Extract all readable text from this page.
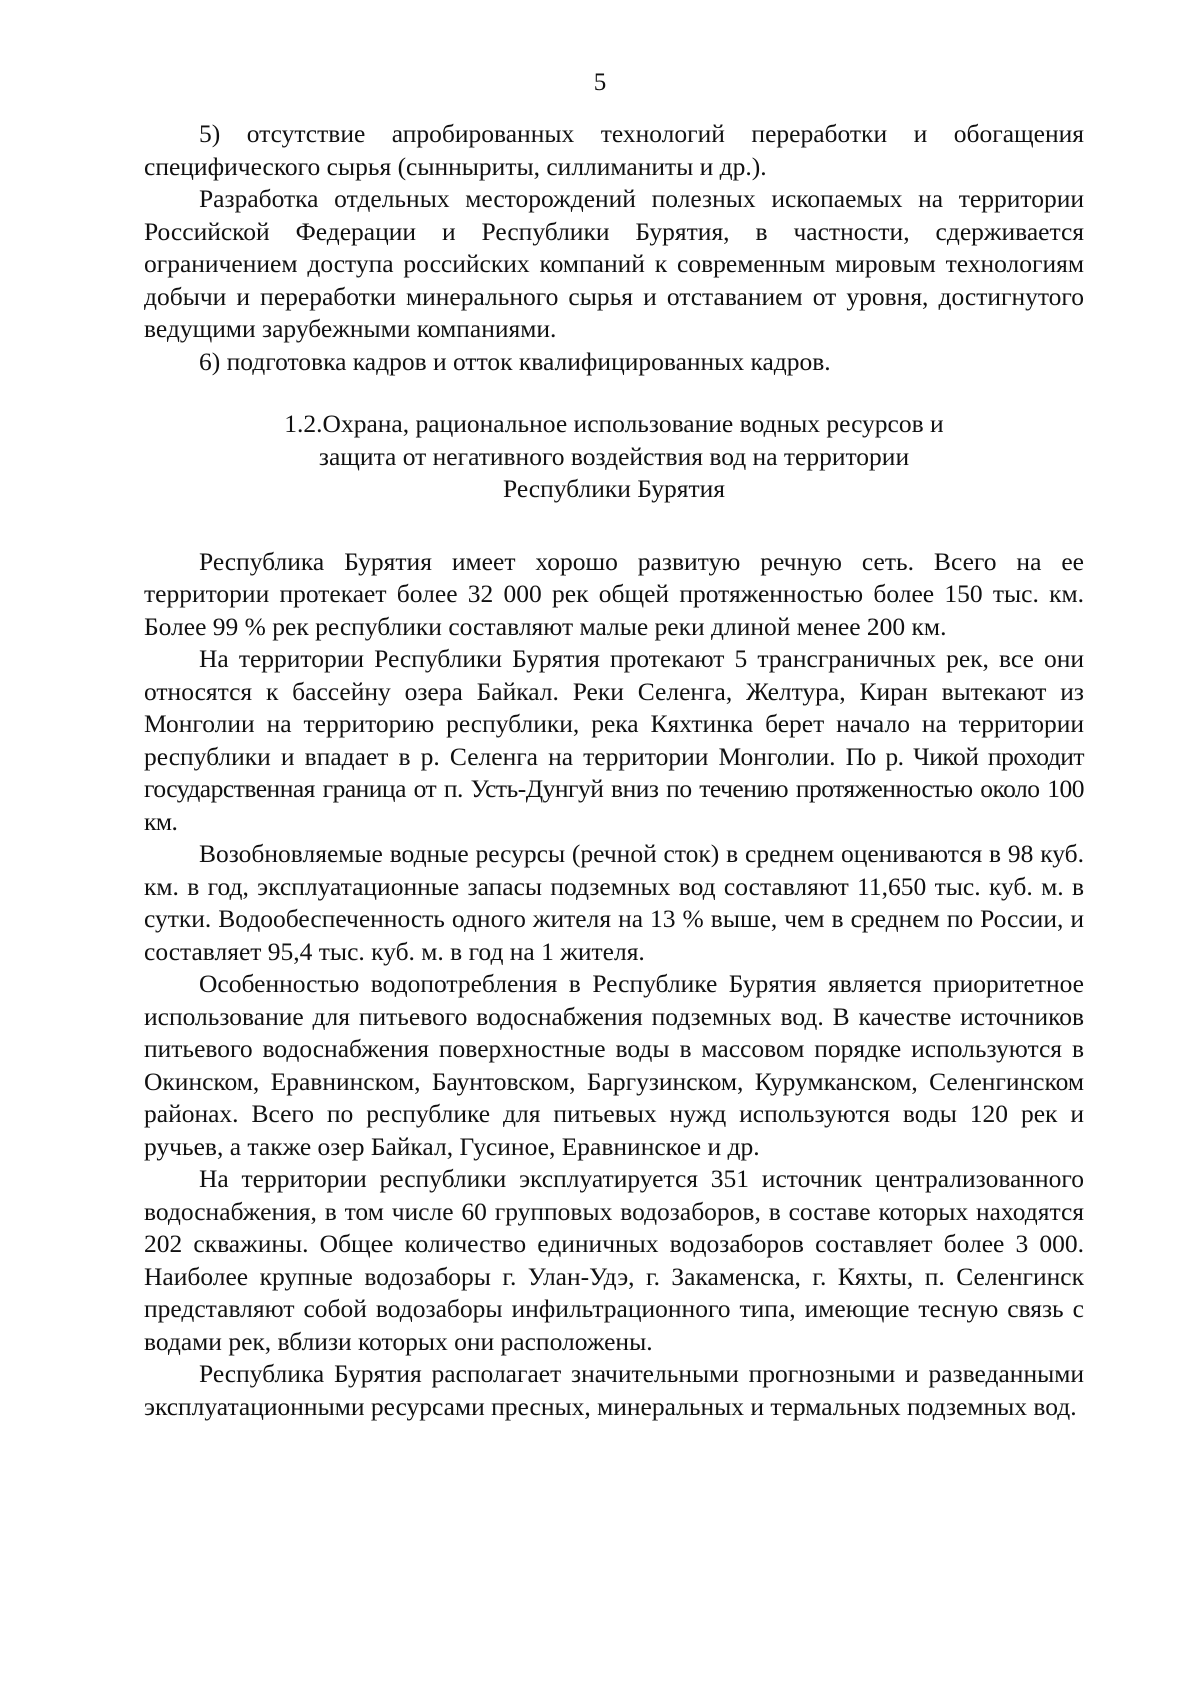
5

5) отсутствие апробированных технологий переработки и обогащения специфического сырья (сынныриты, силлиманиты и др.).

Разработка отдельных месторождений полезных ископаемых на территории Российской Федерации и Республики Бурятия, в частности, сдерживается ограничением доступа российских компаний к современным мировым технологиям добычи и переработки минерального сырья и отставанием от уровня, достигнутого ведущими зарубежными компаниями.

6) подготовка кадров и отток квалифицированных кадров.

1.2.Охрана, рациональное использование водных ресурсов и
защита от негативного воздействия вод на территории
Республики Бурятия

Республика Бурятия имеет хорошо развитую речную сеть. Всего на ее территории протекает более 32 000 рек общей протяженностью более 150 тыс. км. Более 99 % рек республики составляют малые реки длиной менее 200 км.

На территории Республики Бурятия протекают 5 трансграничных рек, все они относятся к бассейну озера Байкал. Реки Селенга, Желтура, Киран вытекают из Монголии на территорию республики, река Кяхтинка берет начало на территории республики и впадает в р. Селенга на территории Монголии. По р. Чикой проходит государственная граница от п. Усть-Дунгуй вниз по течению протяженностью около 100 км.

Возобновляемые водные ресурсы (речной сток) в среднем оцениваются в 98 куб. км. в год, эксплуатационные запасы подземных вод составляют 11,650 тыс. куб. м. в сутки. Водообеспеченность одного жителя на 13 % выше, чем в среднем по России, и составляет 95,4 тыс. куб. м. в год на 1 жителя.

Особенностью водопотребления в Республике Бурятия является приоритетное использование для питьевого водоснабжения подземных вод. В качестве источников питьевого водоснабжения поверхностные воды в массовом порядке используются в Окинском, Еравнинском, Баунтовском, Баргузинском, Курумканском, Селенгинском районах. Всего по республике для питьевых нужд используются воды 120 рек и ручьев, а также озер Байкал, Гусиное, Еравнинское и др.

На территории республики эксплуатируется 351 источник централизованного водоснабжения, в том числе 60 групповых водозаборов, в составе которых находятся 202 скважины. Общее количество единичных водозаборов составляет более 3 000. Наиболее крупные водозаборы г. Улан-Удэ, г. Закаменска, г. Кяхты, п. Селенгинск представляют собой водозаборы инфильтрационного типа, имеющие тесную связь с водами рек, вблизи которых они расположены.

Республика Бурятия располагает значительными прогнозными и разведанными эксплуатационными ресурсами пресных, минеральных и термальных подземных вод.
